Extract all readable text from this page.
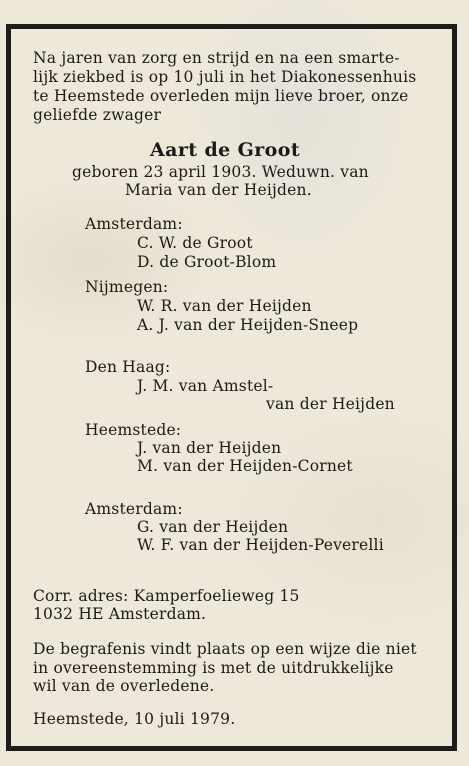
Na jaren van zorg en strijd en na een smarte-
lijk ziekbed is op 10 juli in het Diakonessenhuis
te Heemstede overleden mijn lieve broer, onze
geliefde zwager
Aart de Groot
geboren 23 april 1903. Weduwn. van
Maria van der Heijden.
Amsterdam:
C. W. de Groot
D. de Groot-Blom
Nijmegen:
W. R. van der Heijden
A. J. van der Heijden-Sneep
Den Haag:
J. M. van Amstel-
van der Heijden
Heemstede:
J. van der Heijden
M. van der Heijden-Cornet
Amsterdam:
G. van der Heijden
W. F. van der Heijden-Peverelli
Corr. adres: Kamperfoelieweg 15
1032 HE Amsterdam.
De begrafenis vindt plaats op een wijze die niet
in overeenstemming is met de uitdrukkelijke
wil van de overledene.
Heemstede, 10 juli 1979.
